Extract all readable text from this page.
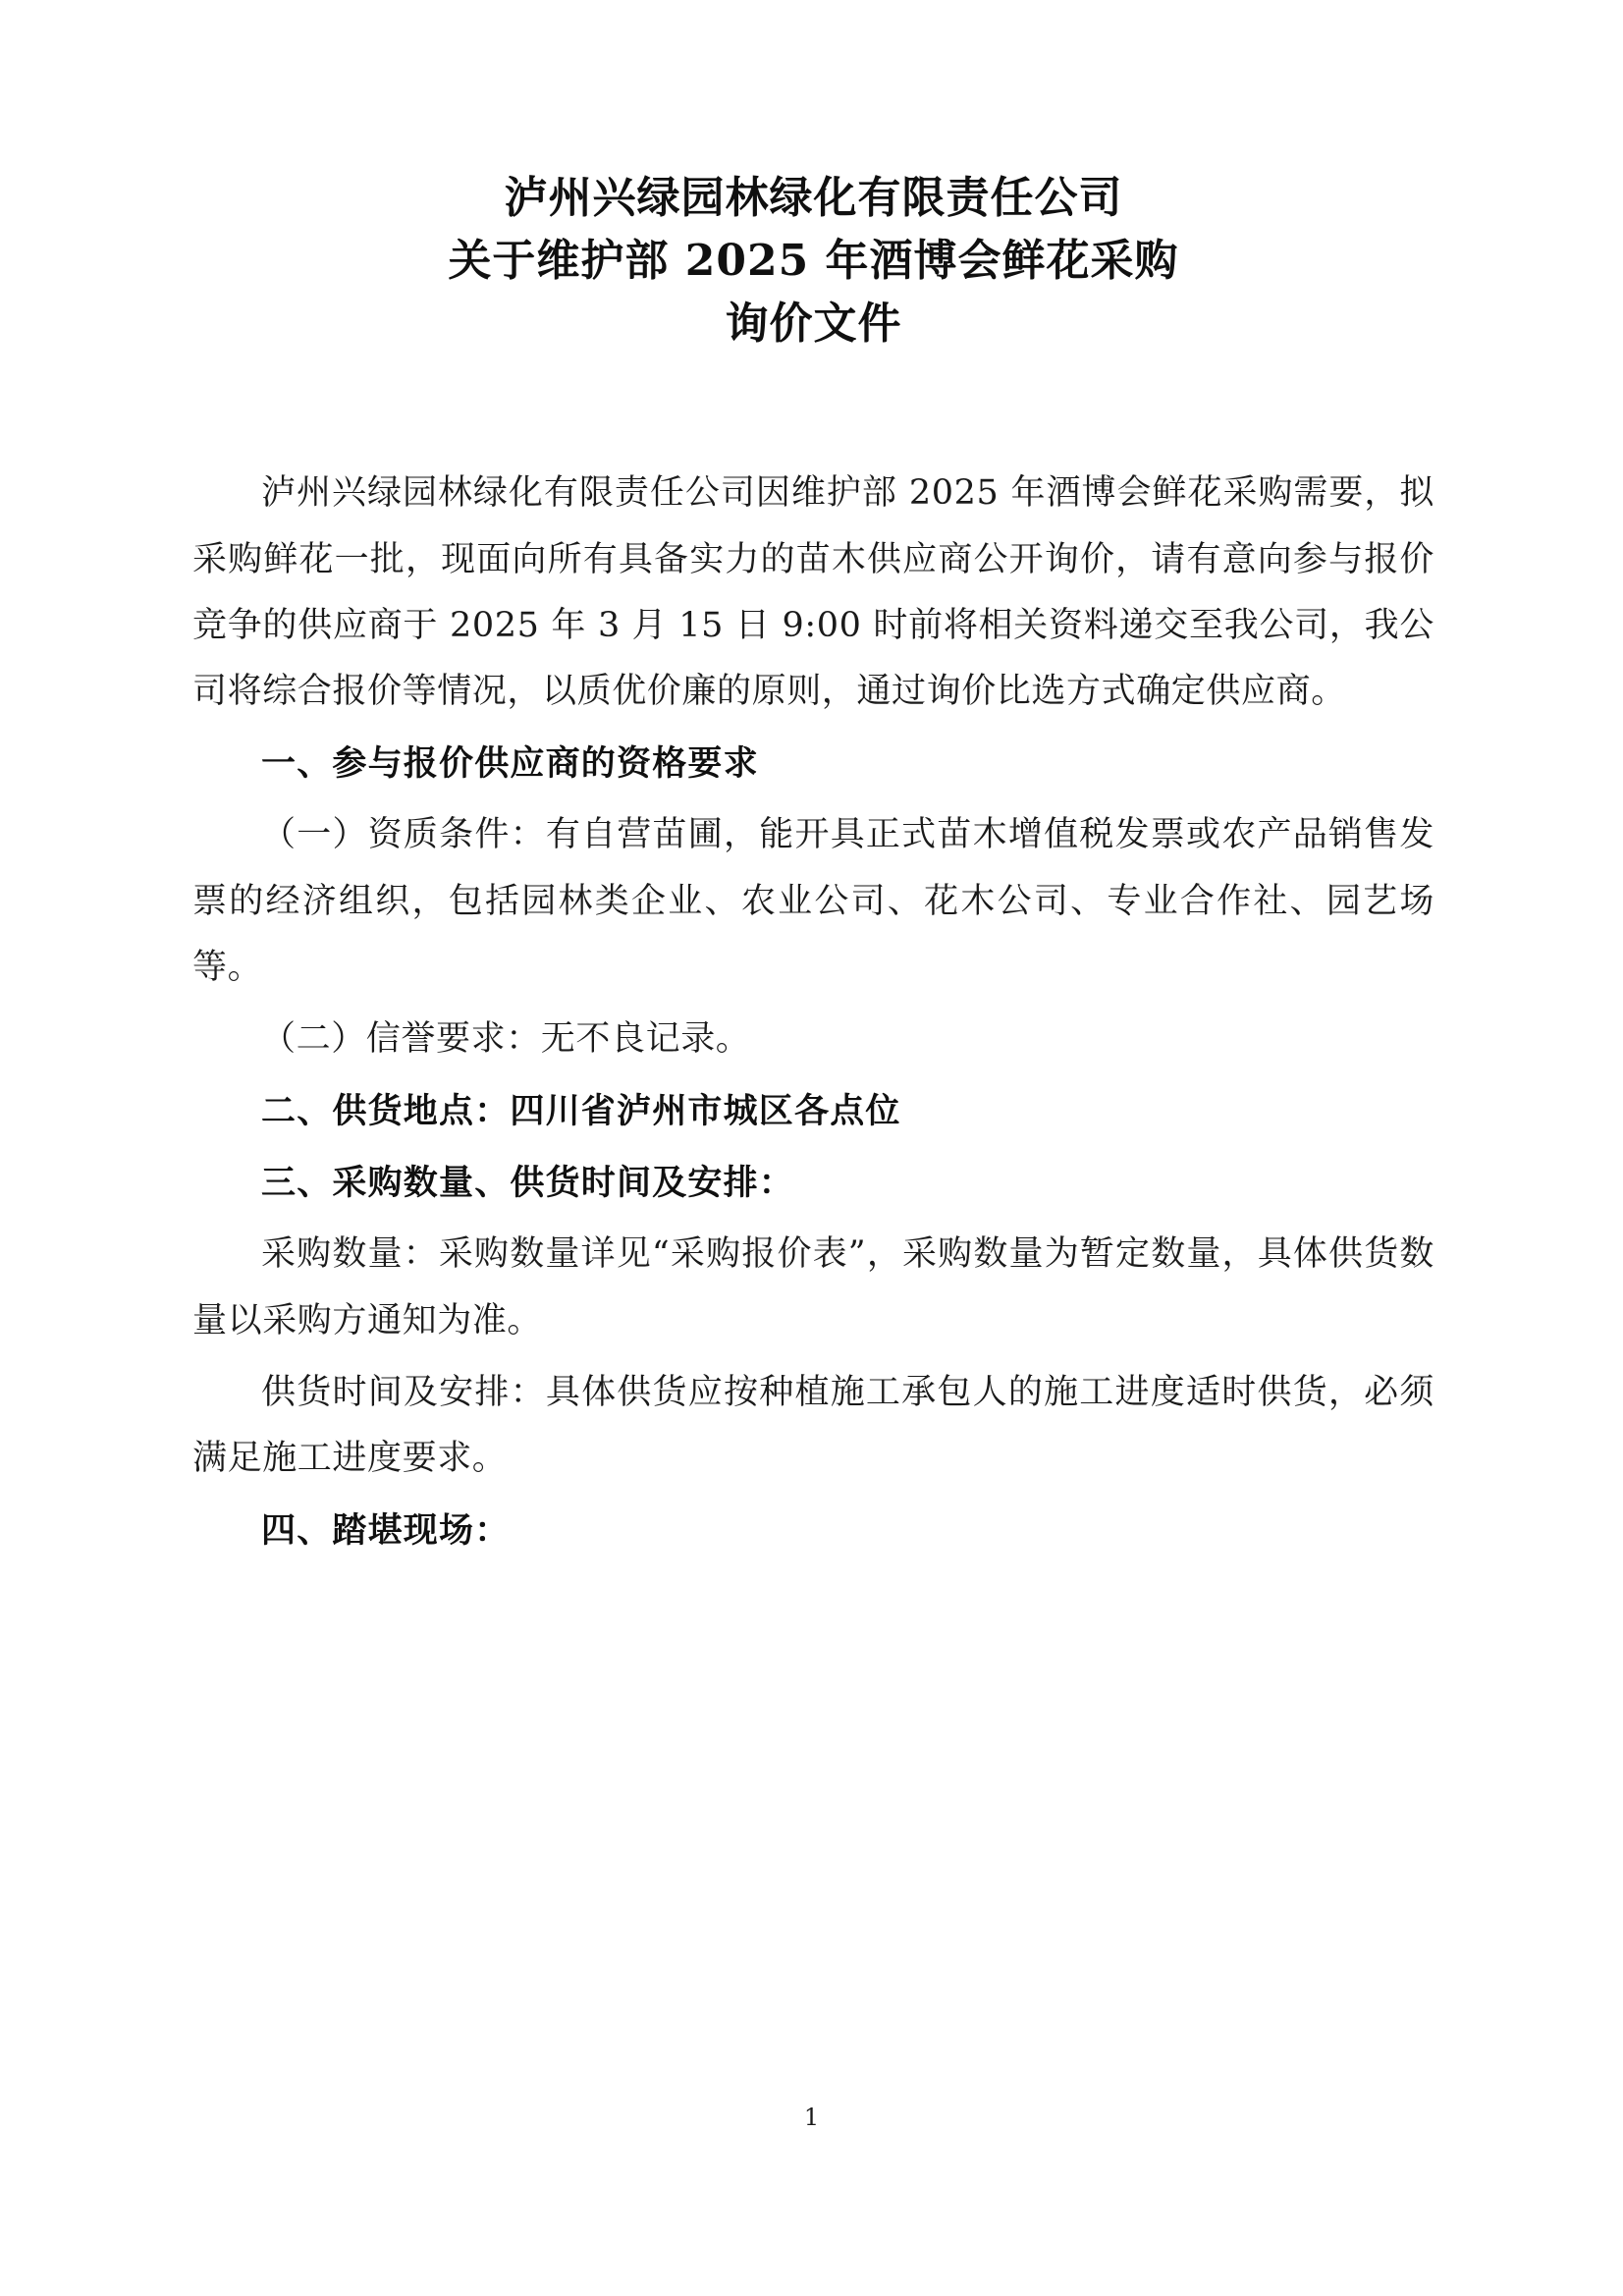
泸州兴绿园林绿化有限责任公司
关于维护部 2025 年酒博会鲜花采购
询价文件

泸州兴绿园林绿化有限责任公司因维护部 2025 年酒博会鲜花采购需要，拟采购鲜花一批，现面向所有具备实力的苗木供应商公开询价，请有意向参与报价竞争的供应商于 2025 年 3 月 15 日 9:00 时前将相关资料递交至我公司，我公司将综合报价等情况，以质优价廉的原则，通过询价比选方式确定供应商。

一、参与报价供应商的资格要求

（一）资质条件：有自营苗圃，能开具正式苗木增值税发票或农产品销售发票的经济组织，包括园林类企业、农业公司、花木公司、专业合作社、园艺场等。

（二）信誉要求：无不良记录。

二、供货地点：四川省泸州市城区各点位

三、采购数量、供货时间及安排：

采购数量：采购数量详见“采购报价表”，采购数量为暂定数量，具体供货数量以采购方通知为准。

供货时间及安排：具体供货应按种植施工承包人的施工进度适时供货，必须满足施工进度要求。

四、踏堪现场：

1
